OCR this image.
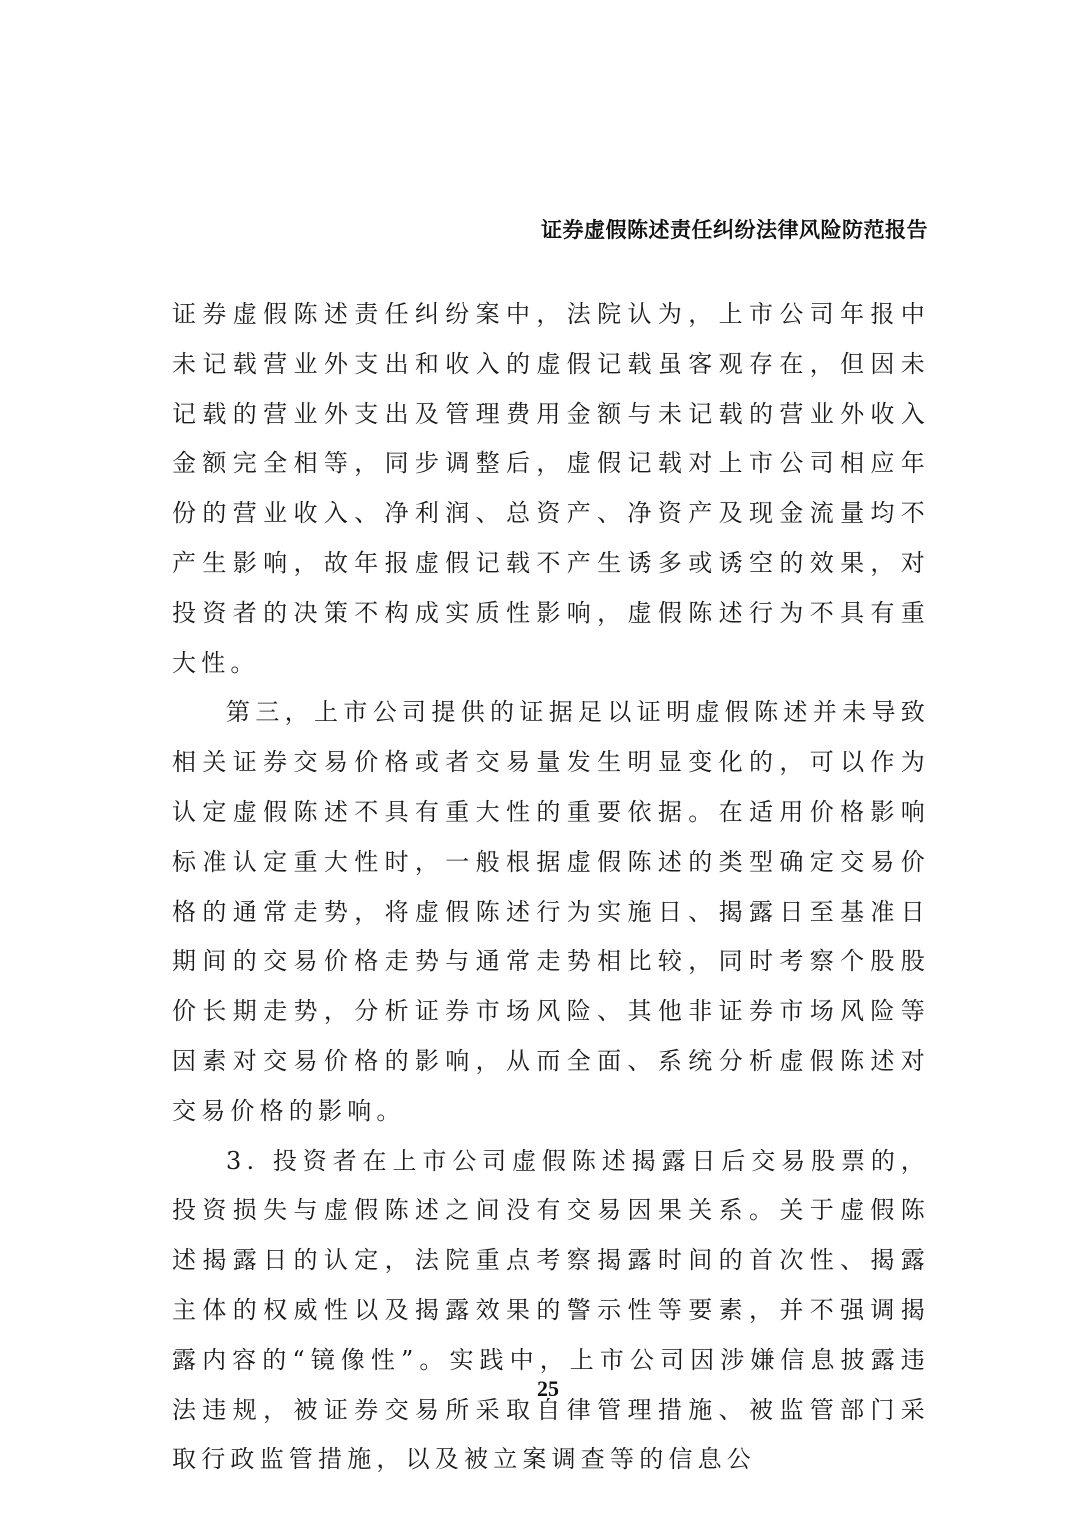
证券虚假陈述责任纠纷法律风险防范报告

证券虚假陈述责任纠纷案中，法院认为，上市公司年报中未记载营业外支出和收入的虚假记载虽客观存在，但因未记载的营业外支出及管理费用金额与未记载的营业外收入金额完全相等，同步调整后，虚假记载对上市公司相应年份的营业收入、净利润、总资产、净资产及现金流量均不产生影响，故年报虚假记载不产生诱多或诱空的效果，对投资者的决策不构成实质性影响，虚假陈述行为不具有重大性。

第三，上市公司提供的证据足以证明虚假陈述并未导致相关证券交易价格或者交易量发生明显变化的，可以作为认定虚假陈述不具有重大性的重要依据。在适用价格影响标准认定重大性时，一般根据虚假陈述的类型确定交易价格的通常走势，将虚假陈述行为实施日、揭露日至基准日期间的交易价格走势与通常走势相比较，同时考察个股股价长期走势，分析证券市场风险、其他非证券市场风险等因素对交易价格的影响，从而全面、系统分析虚假陈述对交易价格的影响。

3. 投资者在上市公司虚假陈述揭露日后交易股票的，投资损失与虚假陈述之间没有交易因果关系。关于虚假陈述揭露日的认定，法院重点考察揭露时间的首次性、揭露主体的权威性以及揭露效果的警示性等要素，并不强调揭露内容的“镜像性”。实践中，上市公司因涉嫌信息披露违法违规，被证券交易所采取自律管理措施、被监管部门采取行政监管措施，以及被立案调查等的信息公

25
